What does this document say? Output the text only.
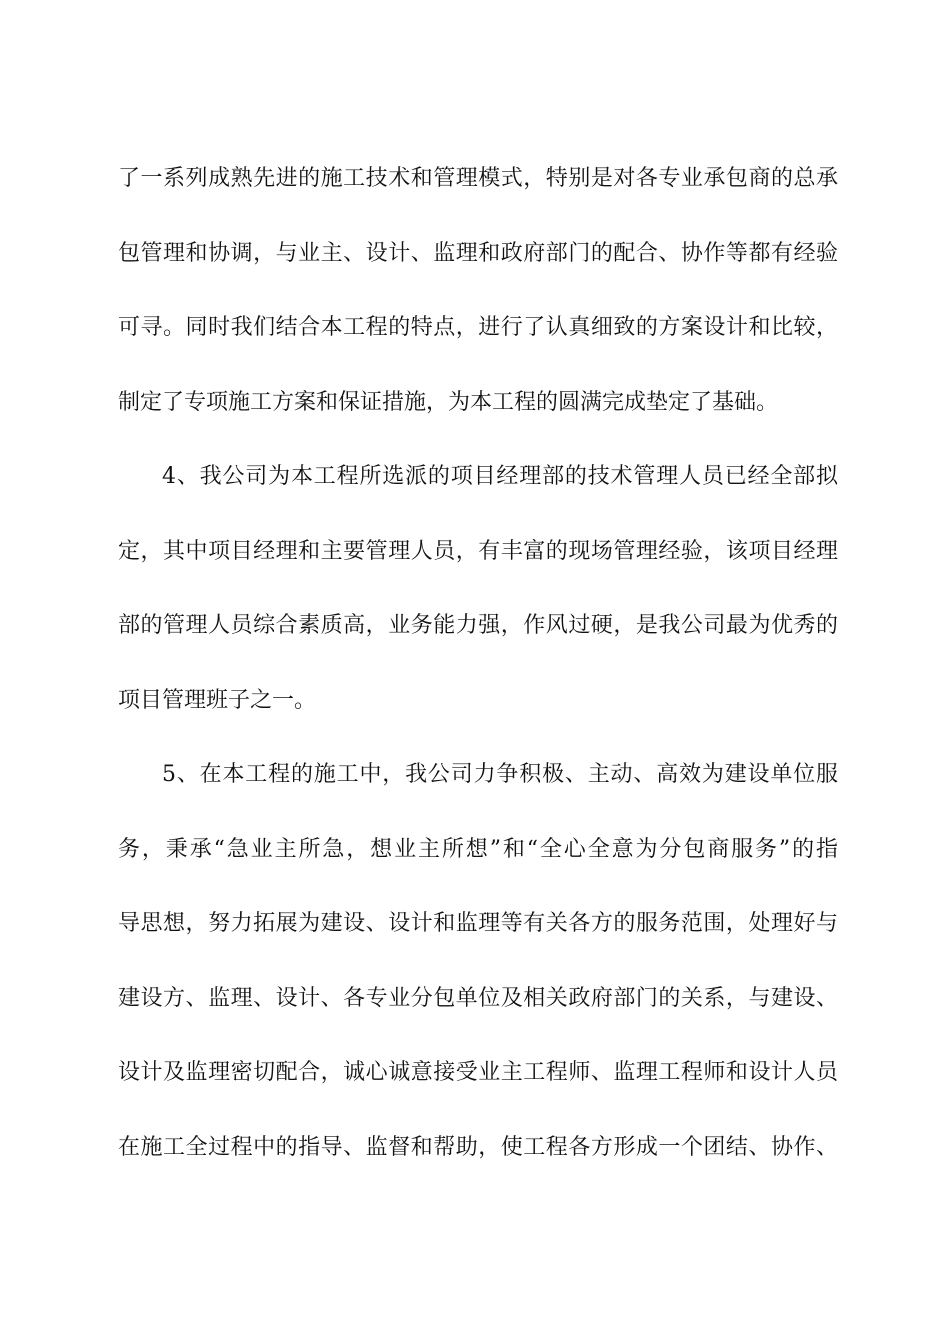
了一系列成熟先进的施工技术和管理模式，特别是对各专业承包商的总承
包管理和协调，与业主、设计、监理和政府部门的配合、协作等都有经验
可寻。同时我们结合本工程的特点，进行了认真细致的方案设计和比较，
制定了专项施工方案和保证措施，为本工程的圆满完成垫定了基础。
4、我公司为本工程所选派的项目经理部的技术管理人员已经全部拟
定，其中项目经理和主要管理人员，有丰富的现场管理经验，该项目经理
部的管理人员综合素质高，业务能力强，作风过硬，是我公司最为优秀的
项目管理班子之一。
5、在本工程的施工中，我公司力争积极、主动、高效为建设单位服
务，秉承“急业主所急，想业主所想”和“全心全意为分包商服务”的指
导思想，努力拓展为建设、设计和监理等有关各方的服务范围，处理好与
建设方、监理、设计、各专业分包单位及相关政府部门的关系，与建设、
设计及监理密切配合，诚心诚意接受业主工程师、监理工程师和设计人员
在施工全过程中的指导、监督和帮助，使工程各方形成一个团结、协作、
